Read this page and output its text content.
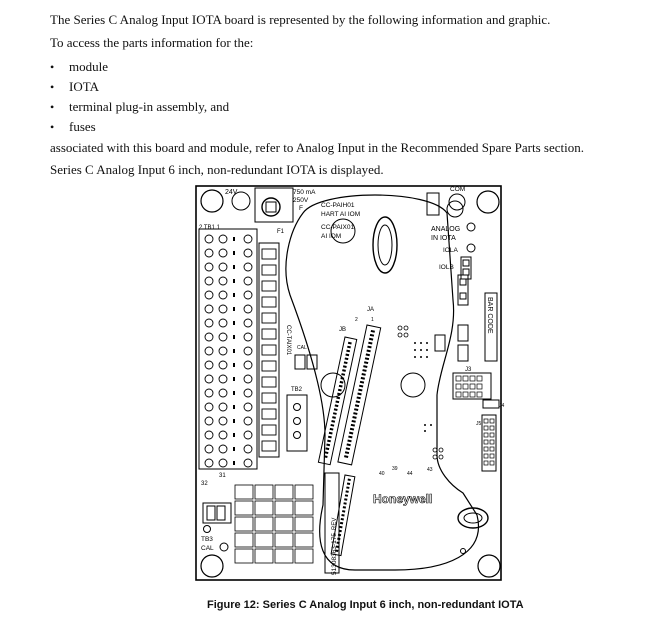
The Series C Analog Input IOTA board is represented by the following information and graphic.

To access the parts information for the:

•	module
•	IOTA
•	terminal plug-in assembly, and
•	fuses

associated with this board and module, refer to Analog Input in the Recommended Spare Parts section.

Series C Analog Input 6 inch, non-redundant IOTA is displayed.

24V	750 mA
250V
F
F1
CC-PAIH01
HART AI IOM
CC-PAIX01
AI IOM
COM
ANALOG
IN IOTA
IOLA
IOLB
BAR CODE
J3
J4
J5
JA
JB
2	1
40
39
44
43
Honeywell
2 TB1 1
31
32
CC-TAIX01 CAL
TB2
51308363-175
REV
TB3
CAL
Figure 12: Series C Analog Input 6 inch, non-redundant IOTA
